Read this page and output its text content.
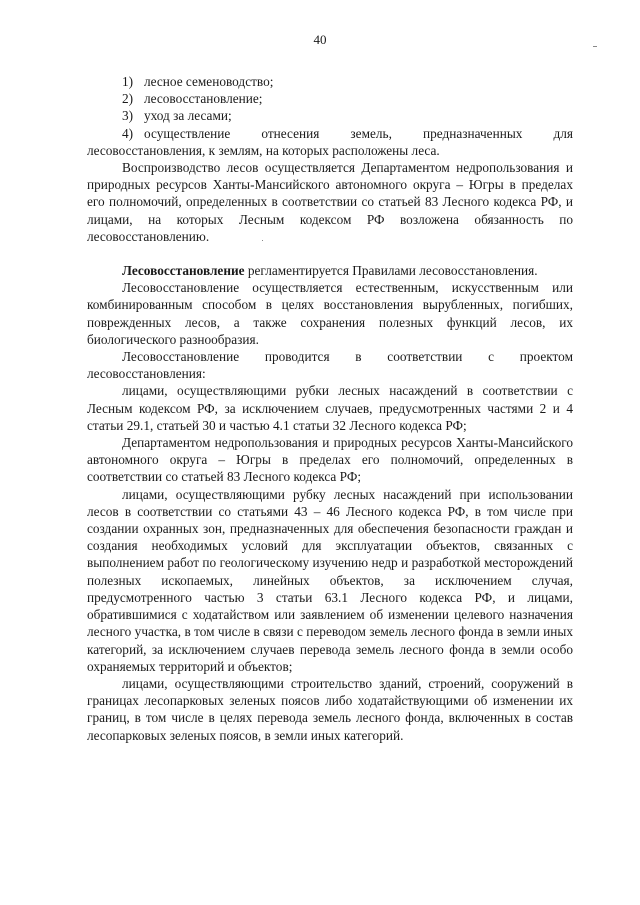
40
1) лесное семеноводство;
2) лесовосстановление;
3) уход за лесами;

4) осуществление отнесения земель, предназначенных для лесовосстановления, к землям, на которых расположены леса.

Воспроизводство лесов осуществляется Департаментом недропользования и природных ресурсов Ханты-Мансийского автономного округа – Югры в пределах его полномочий, определенных в соответствии со статьей 83 Лесного кодекса РФ, и лицами, на которых Лесным кодексом РФ возложена обязанность по лесовосстановлению.

Лесовосстановление регламентируется Правилами лесовосстановления.

Лесовосстановление осуществляется естественным, искусственным или комбинированным способом в целях восстановления вырубленных, погибших, поврежденных лесов, а также сохранения полезных функций лесов, их биологического разнообразия.

Лесовосстановление проводится в соответствии с проектом лесовосстановления:

лицами, осуществляющими рубки лесных насаждений в соответствии с Лесным кодексом РФ, за исключением случаев, предусмотренных частями 2 и 4 статьи 29.1, статьей 30 и частью 4.1 статьи 32 Лесного кодекса РФ;

Департаментом недропользования и природных ресурсов Ханты-Мансийского автономного округа – Югры в пределах его полномочий, определенных в соответствии со статьей 83 Лесного кодекса РФ;

лицами, осуществляющими рубку лесных насаждений при использовании лесов в соответствии со статьями 43 – 46 Лесного кодекса РФ, в том числе при создании охранных зон, предназначенных для обеспечения безопасности граждан и создания необходимых условий для эксплуатации объектов, связанных с выполнением работ по геологическому изучению недр и разработкой месторождений полезных ископаемых, линейных объектов, за исключением случая, предусмотренного частью 3 статьи 63.1 Лесного кодекса РФ, и лицами, обратившимися с ходатайством или заявлением об изменении целевого назначения лесного участка, в том числе в связи с переводом земель лесного фонда в земли иных категорий, за исключением случаев перевода земель лесного фонда в земли особо охраняемых территорий и объектов;

лицами, осуществляющими строительство зданий, строений, сооружений в границах лесопарковых зеленых поясов либо ходатайствующими об изменении их границ, в том числе в целях перевода земель лесного фонда, включенных в состав лесопарковых зеленых поясов, в земли иных категорий.
